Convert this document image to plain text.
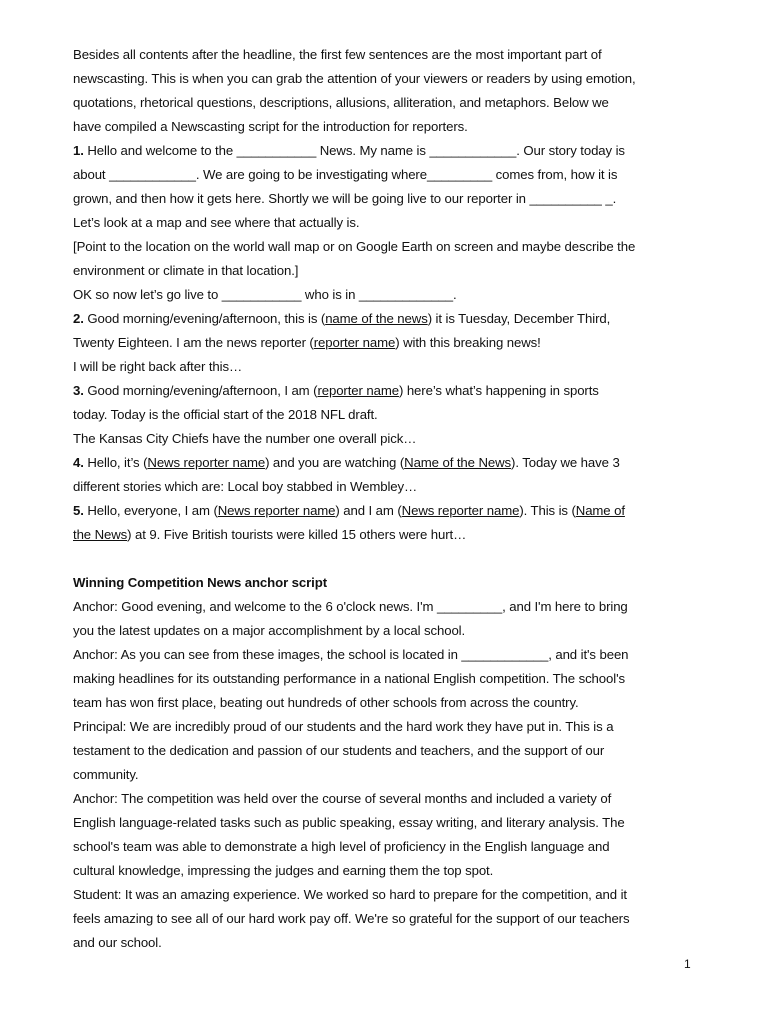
Besides all contents after the headline, the first few sentences are the most important part of
newscasting. This is when you can grab the attention of your viewers or readers by using emotion,
quotations, rhetorical questions, descriptions, allusions, alliteration, and metaphors. Below we
have compiled a Newscasting script for the introduction for reporters.
1. Hello and welcome to the ___________ News. My name is ____________. Our story today is
about ____________. We are going to be investigating where_________ comes from, how it is
grown, and then how it gets here. Shortly we will be going live to our reporter in __________ _.
Let’s look at a map and see where that actually is.
[Point to the location on the world wall map or on Google Earth on screen and maybe describe the
environment or climate in that location.]
OK so now let’s go live to ___________ who is in _____________.
2. Good morning/evening/afternoon, this is (name of the news) it is Tuesday, December Third,
Twenty Eighteen. I am the news reporter (reporter name) with this breaking news!
I will be right back after this…
3. Good morning/evening/afternoon, I am (reporter name) here’s what’s happening in sports
today. Today is the official start of the 2018 NFL draft.
The Kansas City Chiefs have the number one overall pick…
4. Hello, it’s (News reporter name) and you are watching (Name of the News). Today we have 3
different stories which are: Local boy stabbed in Wembley…
5. Hello, everyone, I am (News reporter name) and I am (News reporter name). This is (Name of
the News) at 9. Five British tourists were killed 15 others were hurt…
Winning Competition News anchor script
Anchor: Good evening, and welcome to the 6 o'clock news. I'm _________, and I'm here to bring
you the latest updates on a major accomplishment by a local school.
Anchor: As you can see from these images, the school is located in ____________, and it's been
making headlines for its outstanding performance in a national English competition. The school's
team has won first place, beating out hundreds of other schools from across the country.
Principal: We are incredibly proud of our students and the hard work they have put in. This is a
testament to the dedication and passion of our students and teachers, and the support of our
community.
Anchor: The competition was held over the course of several months and included a variety of
English language-related tasks such as public speaking, essay writing, and literary analysis. The
school's team was able to demonstrate a high level of proficiency in the English language and
cultural knowledge, impressing the judges and earning them the top spot.
Student: It was an amazing experience. We worked so hard to prepare for the competition, and it
feels amazing to see all of our hard work pay off. We're so grateful for the support of our teachers
and our school.
1
